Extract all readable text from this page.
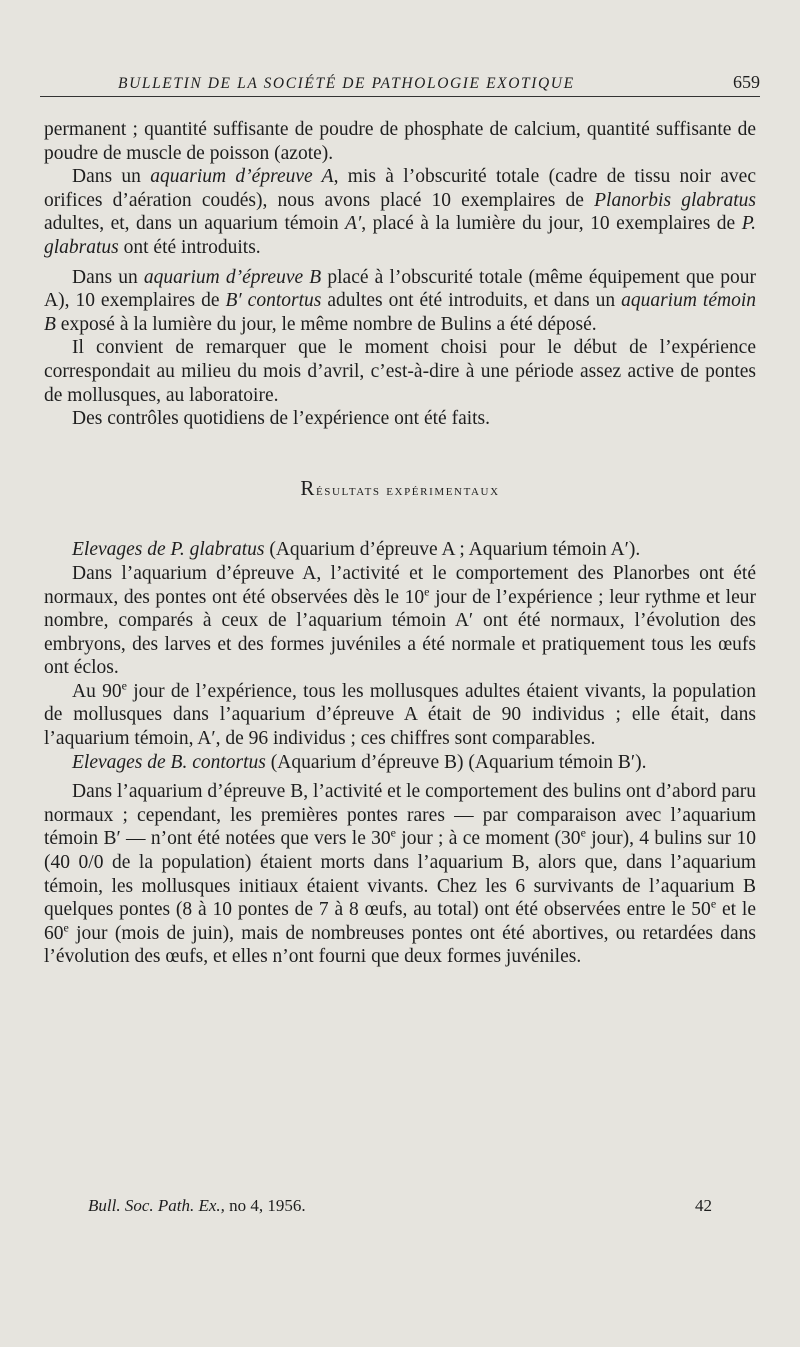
BULLETIN DE LA SOCIÉTÉ DE PATHOLOGIE EXOTIQUE	659

permanent ; quantité suffisante de poudre de phosphate de calcium, quantité suffisante de poudre de muscle de poisson (azote).

Dans un aquarium d’épreuve A, mis à l’obscurité totale (cadre de tissu noir avec orifices d’aération coudés), nous avons placé 10 exemplaires de Planorbis glabratus adultes, et, dans un aquarium témoin A′, placé à la lumière du jour, 10 exemplaires de P. glabratus ont été introduits.

Dans un aquarium d’épreuve B placé à l’obscurité totale (même équipement que pour A), 10 exemplaires de B′ contortus adultes ont été introduits, et dans un aquarium témoin B exposé à la lumière du jour, le même nombre de Bulins a été déposé.

Il convient de remarquer que le moment choisi pour le début de l’expérience correspondait au milieu du mois d’avril, c’est-à-dire à une période assez active de pontes de mollusques, au laboratoire.

Des contrôles quotidiens de l’expérience ont été faits.

Résultats expérimentaux

Elevages de P. glabratus (Aquarium d’épreuve A ; Aquarium témoin A′).

Dans l’aquarium d’épreuve A, l’activité et le comportement des Planorbes ont été normaux, des pontes ont été observées dès le 10e jour de l’expérience ; leur rythme et leur nombre, comparés à ceux de l’aquarium témoin A′ ont été normaux, l’évolution des embryons, des larves et des formes juvéniles a été normale et pratiquement tous les œufs ont éclos.

Au 90e jour de l’expérience, tous les mollusques adultes étaient vivants, la population de mollusques dans l’aquarium d’épreuve A était de 90 individus ; elle était, dans l’aquarium témoin, A′, de 96 individus ; ces chiffres sont comparables.

Elevages de B. contortus (Aquarium d’épreuve B) (Aquarium témoin B′).

Dans l’aquarium d’épreuve B, l’activité et le comportement des bulins ont d’abord paru normaux ; cependant, les premières pontes rares — par comparaison avec l’aquarium témoin B′ — n’ont été notées que vers le 30e jour ; à ce moment (30e jour), 4 bulins sur 10 (40 0/0 de la population) étaient morts dans l’aquarium B, alors que, dans l’aquarium témoin, les mollusques initiaux étaient vivants. Chez les 6 survivants de l’aquarium B quelques pontes (8 à 10 pontes de 7 à 8 œufs, au total) ont été observées entre le 50e et le 60e jour (mois de juin), mais de nombreuses pontes ont été abortives, ou retardées dans l’évolution des œufs, et elles n’ont fourni que deux formes juvéniles.

Bull. Soc. Path. Ex., no 4, 1956.	42
